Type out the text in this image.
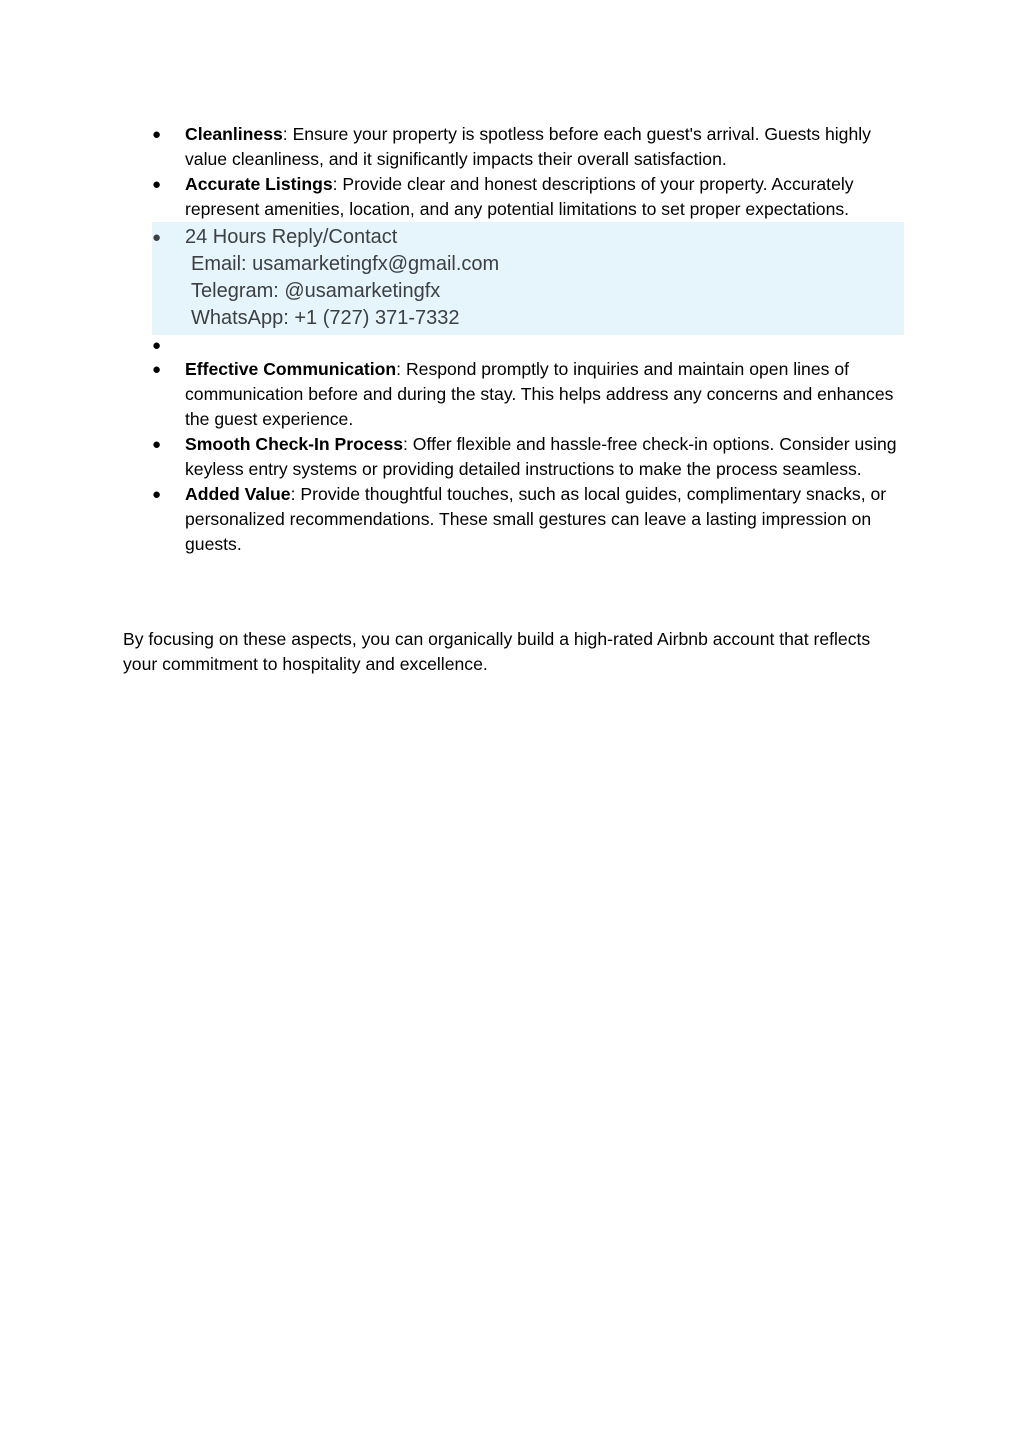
● Cleanliness: Ensure your property is spotless before each guest's arrival. Guests highly value cleanliness, and it significantly impacts their overall satisfaction.
● Accurate Listings: Provide clear and honest descriptions of your property. Accurately represent amenities, location, and any potential limitations to set proper expectations.
● 24 Hours Reply/Contact
Email: usamarketingfx@gmail.com
Telegram: @usamarketingfx
WhatsApp: +1 (727) 371-7332
●
● Effective Communication: Respond promptly to inquiries and maintain open lines of communication before and during the stay. This helps address any concerns and enhances the guest experience.
● Smooth Check-In Process: Offer flexible and hassle-free check-in options. Consider using keyless entry systems or providing detailed instructions to make the process seamless.
● Added Value: Provide thoughtful touches, such as local guides, complimentary snacks, or personalized recommendations. These small gestures can leave a lasting impression on guests.

By focusing on these aspects, you can organically build a high-rated Airbnb account that reflects your commitment to hospitality and excellence.
